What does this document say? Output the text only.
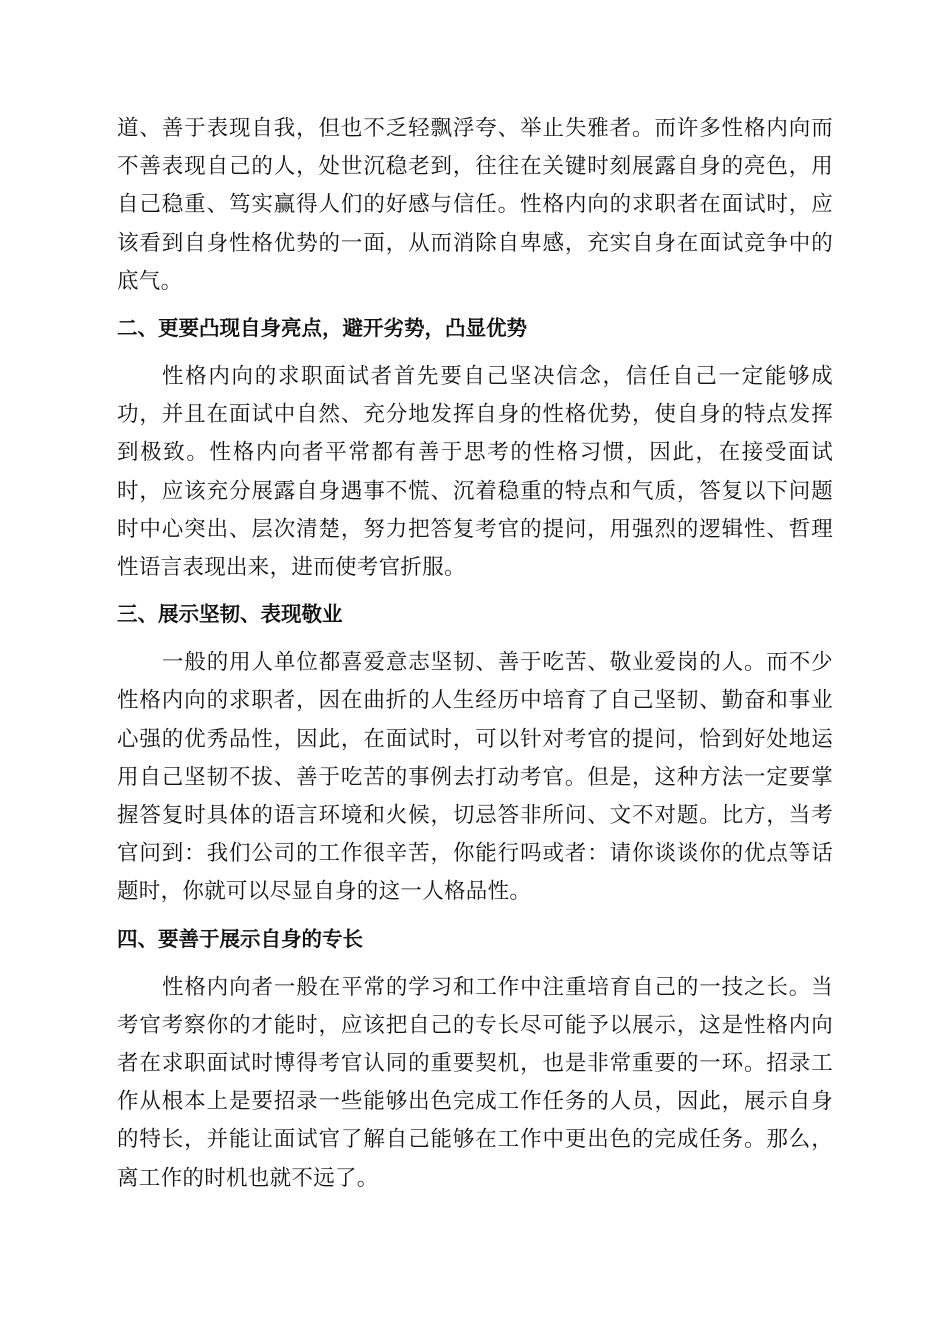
道、善于表现自我，但也不乏轻飘浮夸、举止失雅者。而许多性格内向而不善表现自己的人，处世沉稳老到，往往在关键时刻展露自身的亮色，用自己稳重、笃实赢得人们的好感与信任。性格内向的求职者在面试时，应该看到自身性格优势的一面，从而消除自卑感，充实自身在面试竞争中的底气。

二、更要凸现自身亮点，避开劣势，凸显优势

性格内向的求职面试者首先要自己坚决信念，信任自己一定能够成功，并且在面试中自然、充分地发挥自身的性格优势，使自身的特点发挥到极致。性格内向者平常都有善于思考的性格习惯，因此，在接受面试时，应该充分展露自身遇事不慌、沉着稳重的特点和气质，答复以下问题时中心突出、层次清楚，努力把答复考官的提问，用强烈的逻辑性、哲理性语言表现出来，进而使考官折服。

三、展示坚韧、表现敬业

一般的用人单位都喜爱意志坚韧、善于吃苦、敬业爱岗的人。而不少性格内向的求职者，因在曲折的人生经历中培育了自己坚韧、勤奋和事业心强的优秀品性，因此，在面试时，可以针对考官的提问，恰到好处地运用自己坚韧不拔、善于吃苦的事例去打动考官。但是，这种方法一定要掌握答复时具体的语言环境和火候，切忌答非所问、文不对题。比方，当考官问到：我们公司的工作很辛苦，你能行吗或者：请你谈谈你的优点等话题时，你就可以尽显自身的这一人格品性。

四、要善于展示自身的专长

性格内向者一般在平常的学习和工作中注重培育自己的一技之长。当考官考察你的才能时，应该把自己的专长尽可能予以展示，这是性格内向者在求职面试时博得考官认同的重要契机，也是非常重要的一环。招录工作从根本上是要招录一些能够出色完成工作任务的人员，因此，展示自身的特长，并能让面试官了解自己能够在工作中更出色的完成任务。那么，离工作的时机也就不远了。
